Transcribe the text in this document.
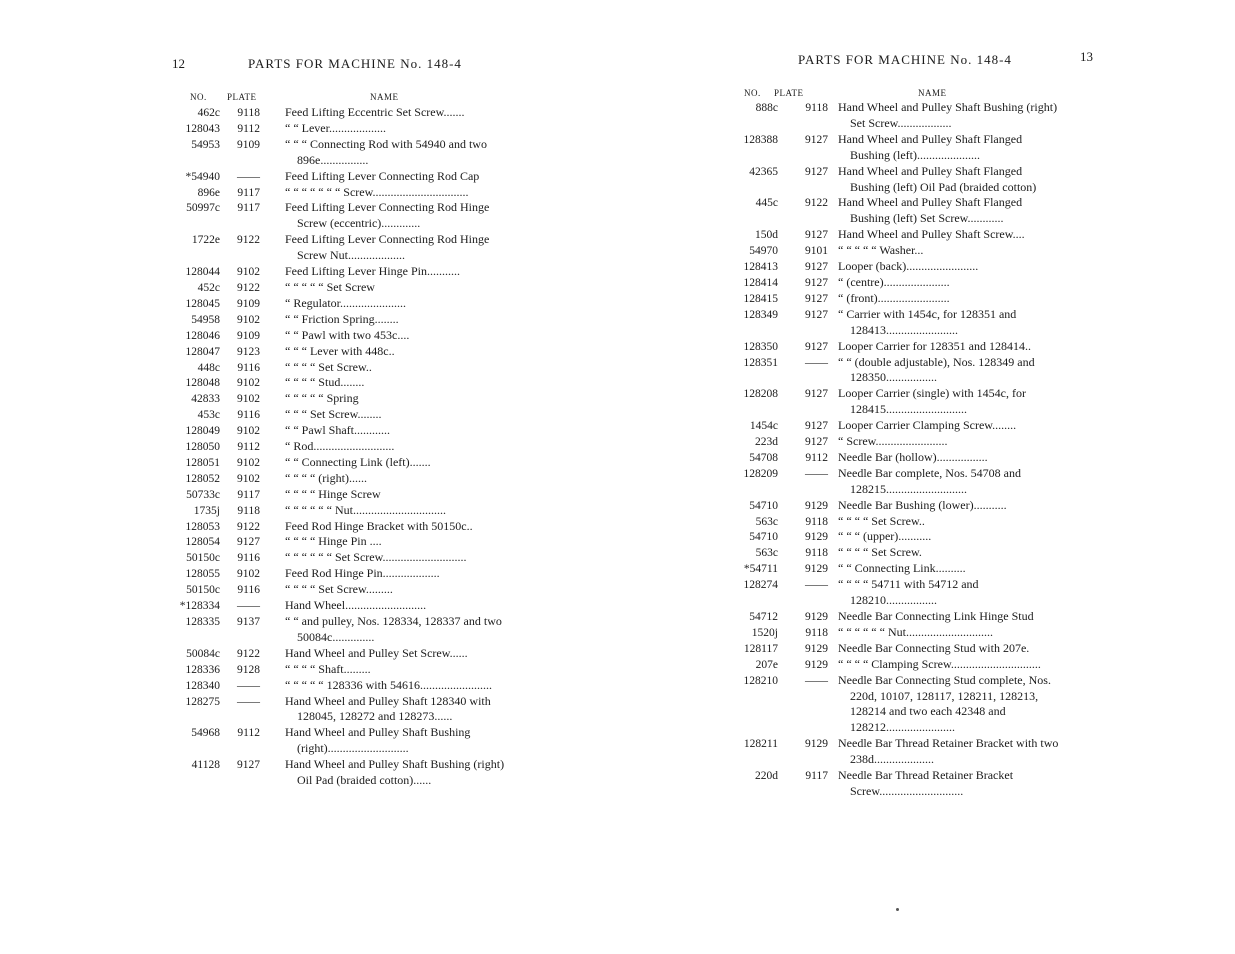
12	PARTS FOR MACHINE No. 148-4
NO. PLATE	NAME
462c	9118 Feed Lifting Eccentric Set Screw.......
128043	9112 “ “ Lever...................
54953	9109 “ “ “ Connecting Rod with 54940 and two 896e................
*54940	—— Feed Lifting Lever Connecting Rod Cap
896e	9117 “ “ “ “ “ “ “ Screw................................
50997c	9117 Feed Lifting Lever Connecting Rod Hinge Screw (eccentric).............
1722e	9122 Feed Lifting Lever Connecting Rod Hinge Screw Nut...................
128044	9102 Feed Lifting Lever Hinge Pin...........
452c	9122 “ “ “ “ “ Set Screw
128045	9109 “ Regulator......................
54958	9102 “ “ Friction Spring........
128046	9109 “ “ Pawl with two 453c....
128047	9123 “ “ “ Lever with 448c..
448c	9116 “ “ “ “ Set Screw..
128048	9102 “ “ “ “ Stud........
42833	9102 “ “ “ “ “ Spring
453c	9116 “ “ “ Set Screw........
128049	9102 “ “ Pawl Shaft............
128050	9112 “ Rod...........................
128051	9102 “ “ Connecting Link (left).......
128052	9102 “ “ “ “ (right)......
50733c	9117 “ “ “ “ Hinge Screw
1735j	9118 “ “ “ “ “ “ Nut...............................
128053	9122 Feed Rod Hinge Bracket with 50150c..
128054	9127 “ “ “ “ Hinge Pin ....
50150c	9116 “ “ “ “ “ “ Set Screw............................
128055	9102 Feed Rod Hinge Pin...................
50150c	9116 “ “ “ “ Set Screw.........
*128334	—— Hand Wheel...........................
128335	9137 “ “ and pulley, Nos. 128334, 128337 and two 50084c..............
50084c	9122 Hand Wheel and Pulley Set Screw......
128336	9128 “ “ “ “ Shaft.........
128340	—— “ “ “ “ “ 128336 with 54616........................
128275	—— Hand Wheel and Pulley Shaft 128340 with 128045, 128272 and 128273......
54968	9112 Hand Wheel and Pulley Shaft Bushing (right)...........................
41128	9127 Hand Wheel and Pulley Shaft Bushing (right) Oil Pad (braided cotton)......
13
PARTS FOR MACHINE No. 148-4
NO. PLATE	NAME
888c	9118 Hand Wheel and Pulley Shaft Bushing (right) Set Screw..................
128388	9127 Hand Wheel and Pulley Shaft Flanged Bushing (left).....................
42365	9127 Hand Wheel and Pulley Shaft Flanged Bushing (left) Oil Pad (braided cotton)
445c	9122 Hand Wheel and Pulley Shaft Flanged Bushing (left) Set Screw............
150d	9127 Hand Wheel and Pulley Shaft Screw....
54970	9101 “ “ “ “ “ Washer...
128413	9127 Looper (back)........................
128414	9127 “ (centre)......................
128415	9127 “ (front)........................
128349	9127 “ Carrier with 1454c, for 128351 and 128413........................
128350	9127 Looper Carrier for 128351 and 128414..
128351	—— “ “ (double adjustable), Nos. 128349 and 128350.................
128208	9127 Looper Carrier (single) with 1454c, for 128415...........................
1454c	9127 Looper Carrier Clamping Screw........
223d	9127 “ Screw........................
54708	9112 Needle Bar (hollow).................
128209	—— Needle Bar complete, Nos. 54708 and 128215...........................
54710	9129 Needle Bar Bushing (lower)...........
563c	9118 “ “ “ “ Set Screw..
54710	9129 “ “ “ (upper)...........
563c	9118 “ “ “ “ Set Screw.
*54711	9129 “ “ Connecting Link..........
128274	—— “ “ “ “ 54711 with 54712 and 128210.................
54712	9129 Needle Bar Connecting Link Hinge Stud
1520j	9118 “ “ “ “ “ “ Nut.............................
128117	9129 Needle Bar Connecting Stud with 207e.
207e	9129 “ “ “ “ Clamping Screw..............................
128210	—— Needle Bar Connecting Stud complete, Nos. 220d, 10107, 128117, 128211, 128213, 128214 and two each 42348 and 128212.......................
128211	9129 Needle Bar Thread Retainer Bracket with two 238d....................
220d	9117 Needle Bar Thread Retainer Bracket Screw............................
